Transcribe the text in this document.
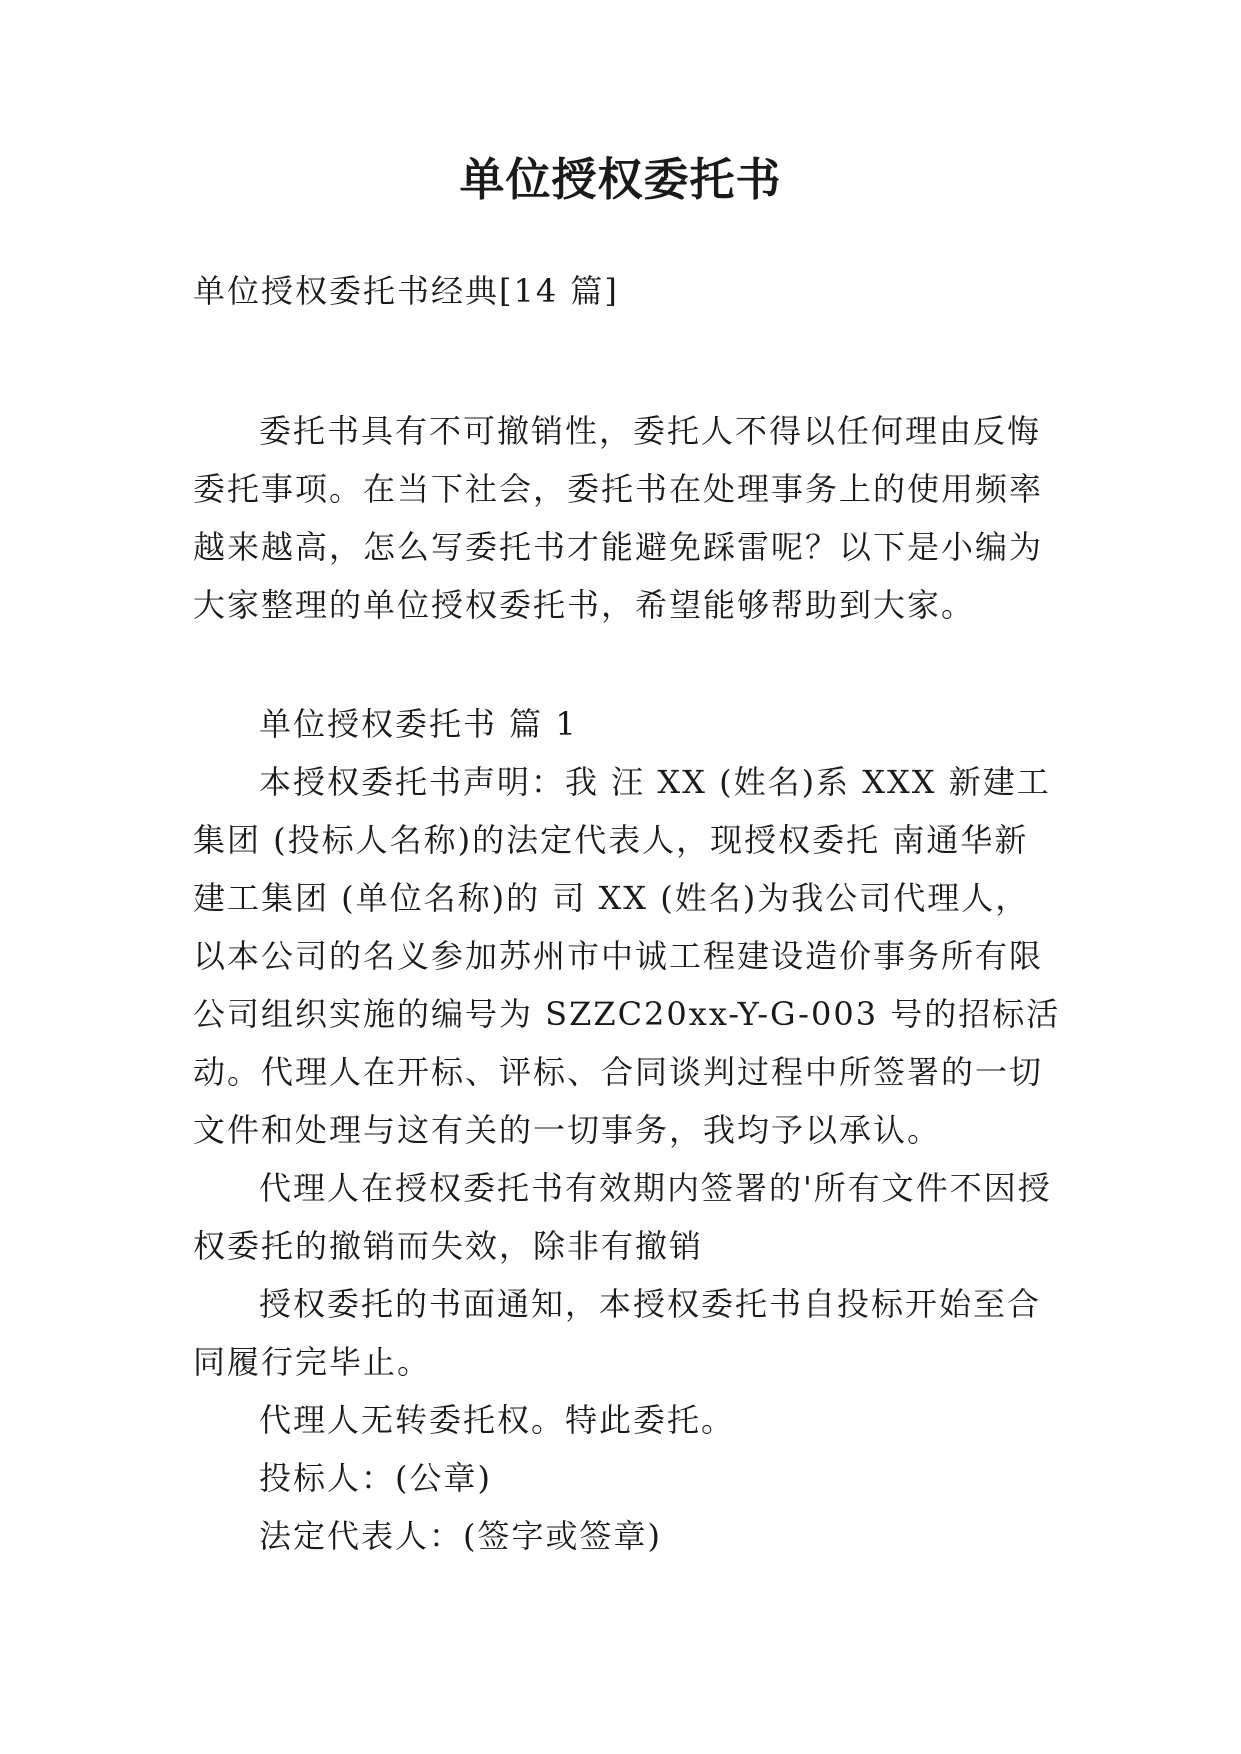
单位授权委托书

单位授权委托书经典[14 篇]

委托书具有不可撤销性，委托人不得以任何理由反悔委托事项。在当下社会，委托书在处理事务上的使用频率越来越高，怎么写委托书才能避免踩雷呢？以下是小编为大家整理的单位授权委托书，希望能够帮助到大家。

单位授权委托书 篇 1

本授权委托书声明：我 汪 XX (姓名)系 XXX 新建工集团 (投标人名称)的法定代表人，现授权委托 南通华新建工集团 (单位名称)的 司 XX (姓名)为我公司代理人，以本公司的名义参加苏州市中诚工程建设造价事务所有限公司组织实施的编号为 SZZC20xx-Y-G-003 号的招标活动。代理人在开标、评标、合同谈判过程中所签署的一切文件和处理与这有关的一切事务，我均予以承认。

代理人在授权委托书有效期内签署的'所有文件不因授权委托的撤销而失效，除非有撤销

授权委托的书面通知，本授权委托书自投标开始至合同履行完毕止。

代理人无转委托权。特此委托。

投标人：(公章)

法定代表人：(签字或签章)
